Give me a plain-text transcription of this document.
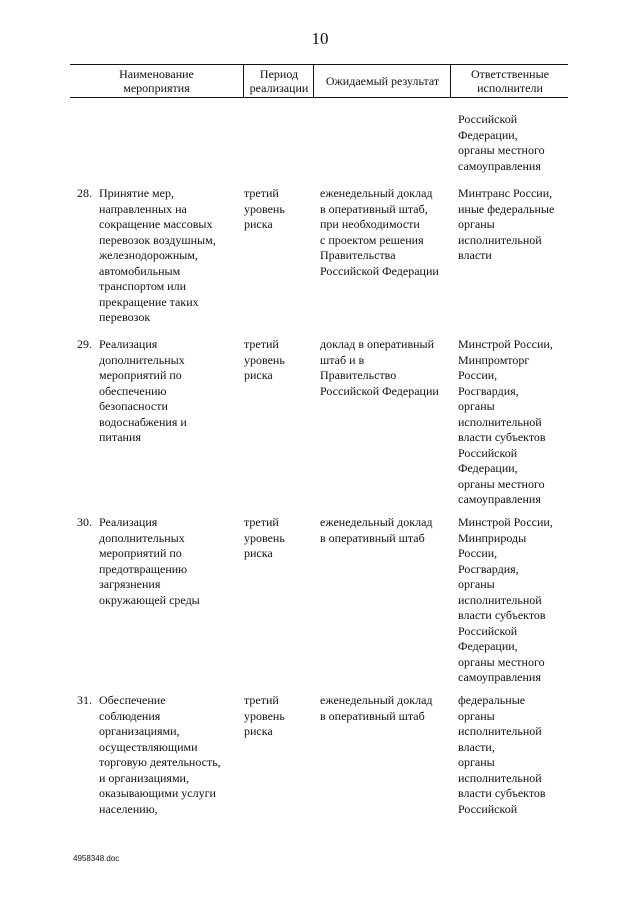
10
Наименование
мероприятия
Период
реализации	Ожидаемый результат	Ответственные
исполнители
Российской
Федерации,
органы местного
самоуправления
28. Принятие мер,
направленных на
сокращение массовых
перевозок воздушным,
железнодорожным,
автомобильным
транспортом или
прекращение таких
перевозок
третий
уровень
риска
еженедельный доклад
в оперативный штаб,
при необходимости
с проектом решения
Правительства
Российской Федерации
Минтранс России,
иные федеральные
органы
исполнительной
власти
29. Реализация
дополнительных
мероприятий по
обеспечению
безопасности
водоснабжения и
питания
третий
уровень
риска
доклад в оперативный
штаб и в
Правительство
Российской Федерации
Минстрой России,
Минпромторг
России,
Росгвардия,
органы
исполнительной
власти субъектов
Российской
Федерации,
органы местного
самоуправления
30. Реализация
дополнительных
мероприятий по
предотвращению
загрязнения
окружающей среды
третий
уровень
риска
еженедельный доклад
в оперативный штаб
Минстрой России,
Минприроды
России,
Росгвардия,
органы
исполнительной
власти субъектов
Российской
Федерации,
органы местного
самоуправления
31. Обеспечение
соблюдения
организациями,
осуществляющими
торговую деятельность,
и организациями,
оказывающими услуги
населению,
третий
уровень
риска
еженедельный доклад
в оперативный штаб
федеральные
органы
исполнительной
власти,
органы
исполнительной
власти субъектов
Российской
4958348.doc
